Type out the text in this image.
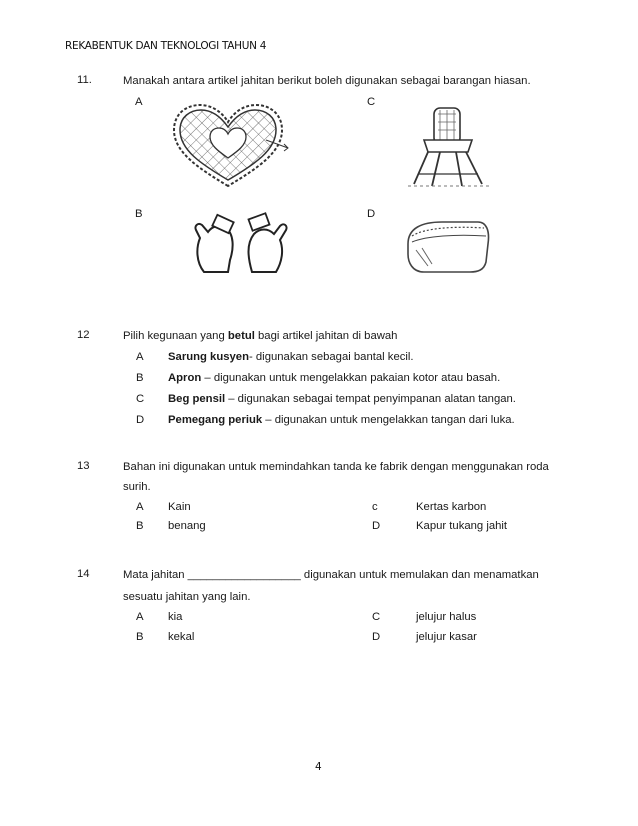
REKABENTUK DAN TEKNOLOGI TAHUN 4
11.	Manakah antara artikel jahitan berikut boleh digunakan sebagai barangan hiasan.
A	C
B	D
12	Pilih kegunaan yang betul bagi artikel jahitan di bawah
A Sarung kusyen- digunakan sebagai bantal kecil.
B Apron – digunakan untuk mengelakkan pakaian kotor atau basah.
C Beg pensil – digunakan sebagai tempat penyimpanan alatan tangan.
D Pemegang periuk – digunakan untuk mengelakkan tangan dari luka.
13	Bahan ini digunakan untuk memindahkan tanda ke fabrik dengan menggunakan roda
surih.
A Kain	c	Kertas karbon
B benang	D	Kapur tukang jahit
14	Mata jahitan __________________ digunakan untuk memulakan dan menamatkan
sesuatu jahitan yang lain.
A kia	C	jelujur halus
B kekal	D	jelujur kasar
4
